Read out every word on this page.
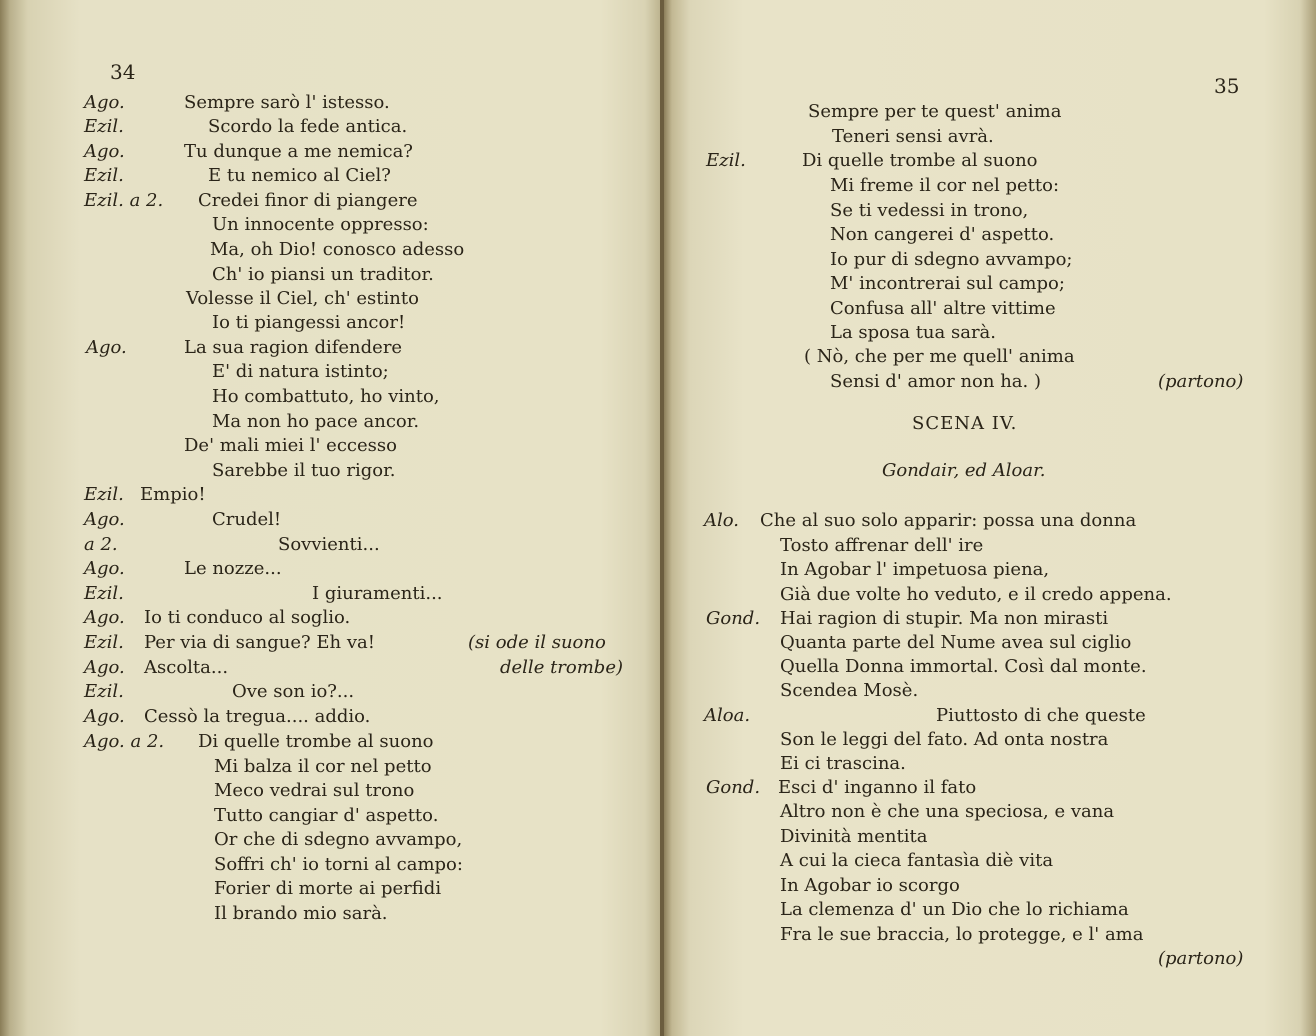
34
Ago.	Sempre sarò l' istesso.
Ezil.	Scordo la fede antica.
Ago.	Tu dunque a me nemica?
Ezil.	E tu nemico al Ciel?
Ezil. a 2. Credei finor di piangere
Un innocente oppresso:
Ma, oh Dio! conosco adesso
Ch' io piansi un traditor.
Volesse il Ciel, ch' estinto
Io ti piangessi ancor!
Ago.	La sua ragion difendere
E' di natura istinto;
Ho combattuto, ho vinto,
Ma non ho pace ancor.
De' mali miei l' eccesso
Sarebbe il tuo rigor.
Ezil. Empio!
Ago.	Crudel!
a 2.	Sovvienti...
Ago.	Le nozze...
Ezil.	I giuramenti...
Ago. Io ti conduco al soglio.
Ezil. Per via di sangue? Eh va!	(si ode il suono
Ago. Ascolta...	delle trombe)
Ezil.	Ove son io?...
Ago. Cessò la tregua.... addio.
Ago. a 2. Di quelle trombe al suono
Mi balza il cor nel petto
Meco vedrai sul trono
Tutto cangiar d' aspetto.
Or che di sdegno avvampo,
Soffri ch' io torni al campo:
Forier di morte ai perfidi
Il brando mio sarà.
35
Sempre per te quest' anima
Teneri sensi avrà.
Ezil.	Di quelle trombe al suono
Mi freme il cor nel petto:
Se ti vedessi in trono,
Non cangerei d' aspetto.
Io pur di sdegno avvampo;
M' incontrerai sul campo;
Confusa all' altre vittime
La sposa tua sarà.
( Nò, che per me quell' anima
Sensi d' amor non ha. )	(partono)
SCENA IV.
Gondair, ed Aloar.
Alo. Che al suo solo apparir: possa una donna
Tosto affrenar dell' ire
In Agobar l' impetuosa piena,
Già due volte ho veduto, e il credo appena.
Gond. Hai ragion di stupir. Ma non mirasti
Quanta parte del Nume avea sul ciglio
Quella Donna immortal. Così dal monte.
Scendea Mosè.
Aloa.	Piuttosto di che queste
Son le leggi del fato. Ad onta nostra
Ei ci trascina.
Gond. Esci d' inganno il fato
Altro non è che una speciosa, e vana
Divinità mentita
A cui la cieca fantasìa diè vita
In Agobar io scorgo
La clemenza d' un Dio che lo richiama
Fra le sue braccia, lo protegge, e l' ama
(partono)
